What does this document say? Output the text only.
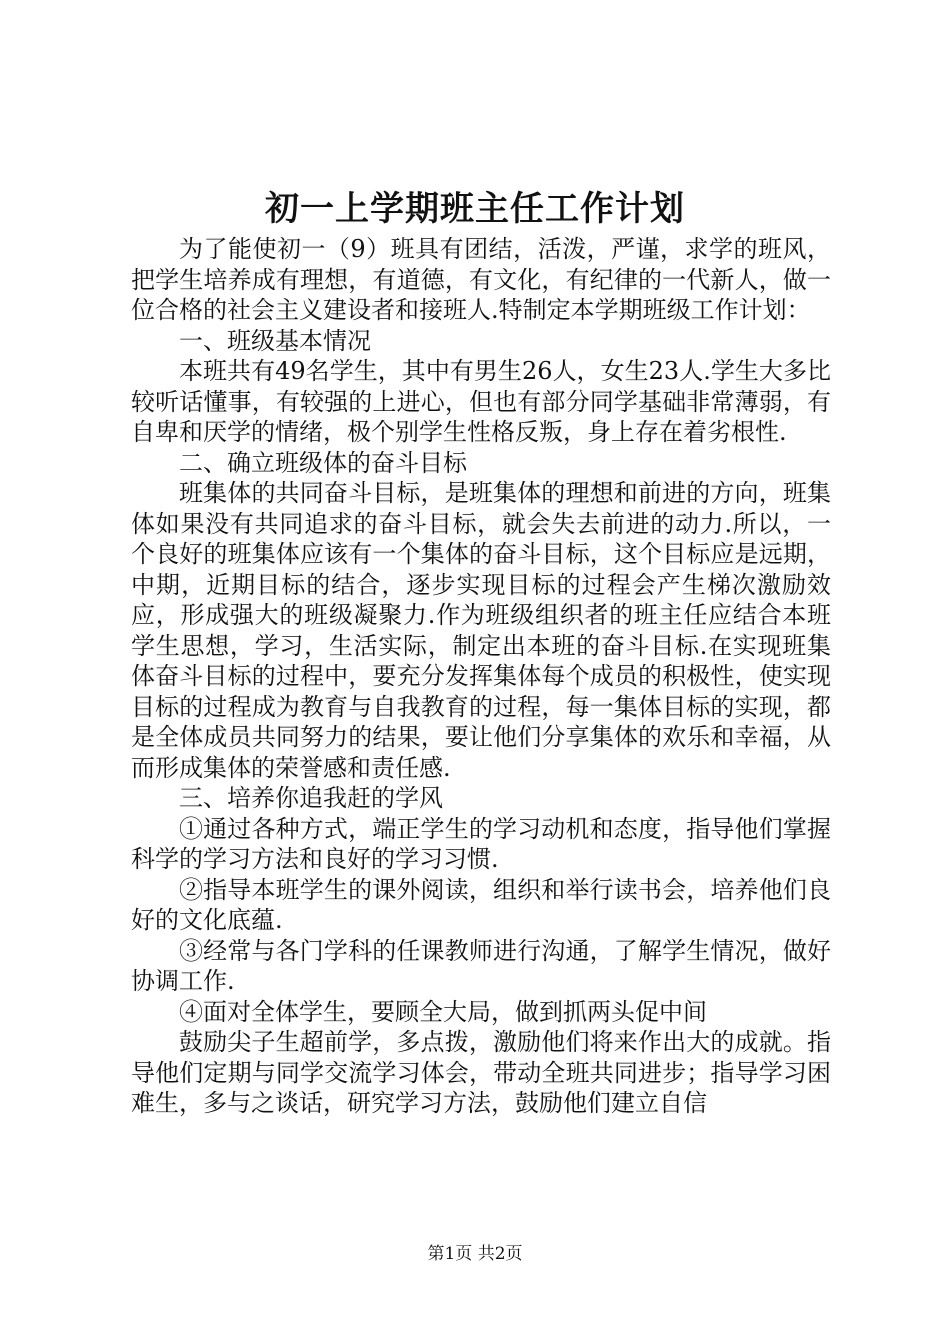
初一上学期班主任工作计划

为了能使初一（9）班具有团结，活泼，严谨，求学的班风，把学生培养成有理想，有道德，有文化，有纪律的一代新人，做一位合格的社会主义建设者和接班人.特制定本学期班级工作计划：

一、班级基本情况

本班共有49名学生，其中有男生26人，女生23人.学生大多比较听话懂事，有较强的上进心，但也有部分同学基础非常薄弱，有自卑和厌学的情绪，极个别学生性格反叛，身上存在着劣根性.

二、确立班级体的奋斗目标

班集体的共同奋斗目标，是班集体的理想和前进的方向，班集体如果没有共同追求的奋斗目标，就会失去前进的动力.所以，一个良好的班集体应该有一个集体的奋斗目标，这个目标应是远期，中期，近期目标的结合，逐步实现目标的过程会产生梯次激励效应，形成强大的班级凝聚力.作为班级组织者的班主任应结合本班学生思想，学习，生活实际，制定出本班的奋斗目标.在实现班集体奋斗目标的过程中，要充分发挥集体每个成员的积极性，使实现目标的过程成为教育与自我教育的过程，每一集体目标的实现，都是全体成员共同努力的结果，要让他们分享集体的欢乐和幸福，从而形成集体的荣誉感和责任感.

三、培养你追我赶的学风

①通过各种方式，端正学生的学习动机和态度，指导他们掌握科学的学习方法和良好的学习习惯.

②指导本班学生的课外阅读，组织和举行读书会，培养他们良好的文化底蕴.

③经常与各门学科的任课教师进行沟通，了解学生情况，做好协调工作.

④面对全体学生，要顾全大局，做到抓两头促中间

鼓励尖子生超前学，多点拨，激励他们将来作出大的成就。指导他们定期与同学交流学习体会，带动全班共同进步；指导学习困难生，多与之谈话，研究学习方法，鼓励他们建立自信

第1页 共2页
